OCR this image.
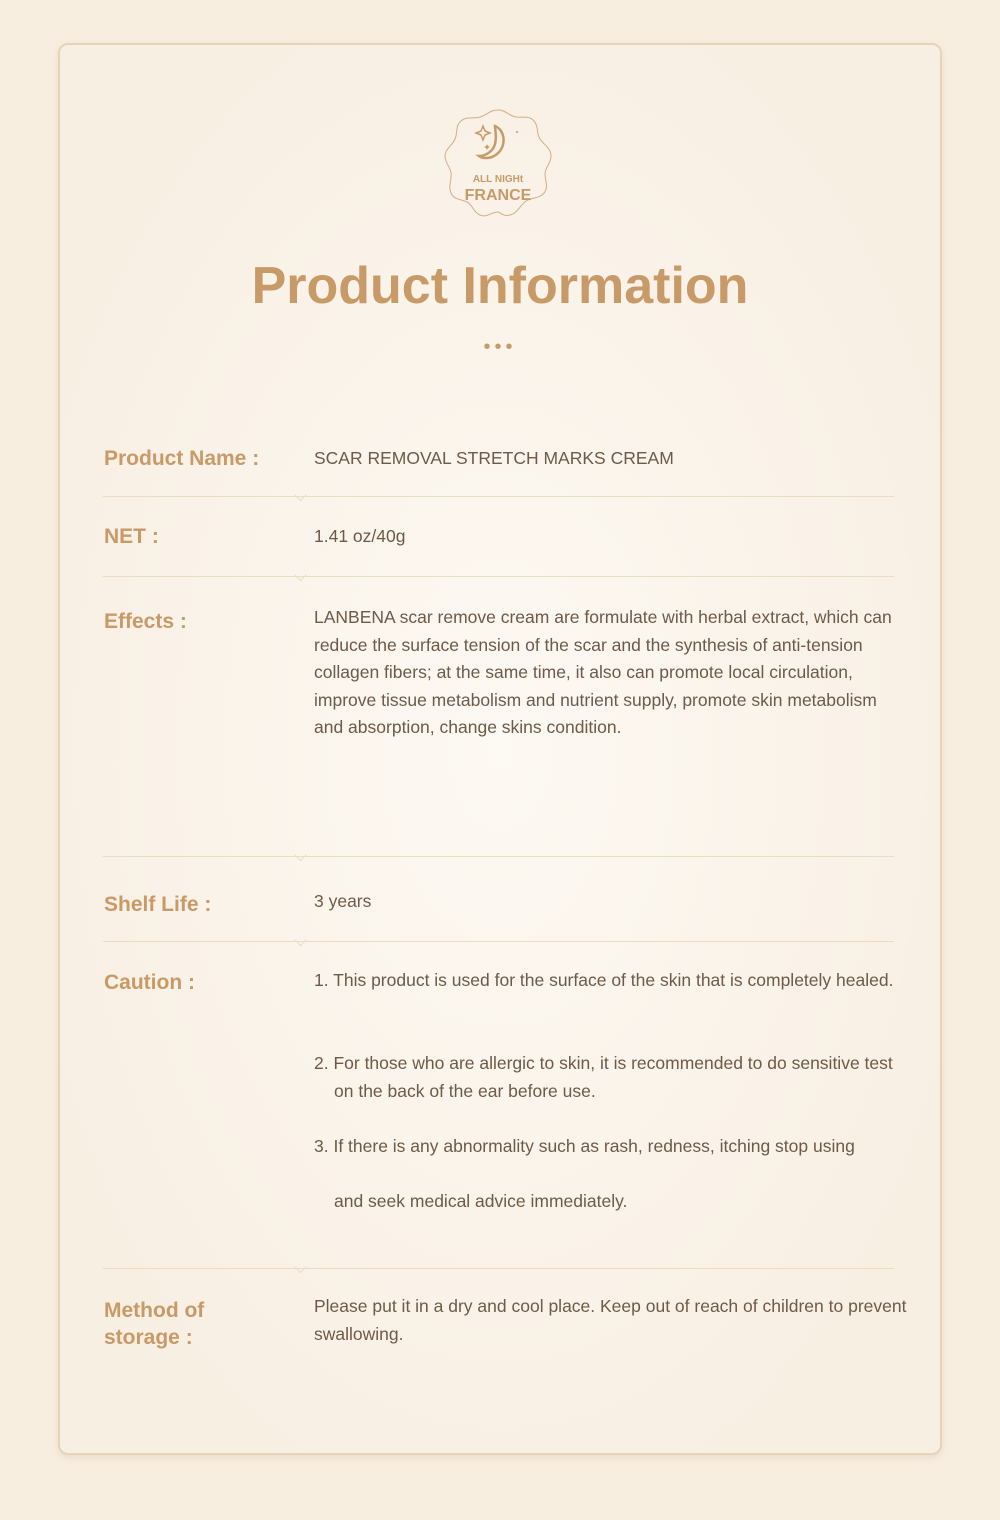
ALL NIGHt
FRANCE
Product Information
•••
Product Name :	SCAR REMOVAL STRETCH MARKS CREAM
NET :	1.41 oz/40g
Effects :	LANBENA scar remove cream are formulate with herbal extract, which can reduce the surface tension of the scar and the synthesis of anti-tension collagen fibers; at the same time, it also can promote local circulation, improve tissue metabolism and nutrient supply, promote skin metabolism and absorption, change skins condition.
Shelf Life :	3 years
Caution :	1. This product is used for the surface of the skin that is completely healed.
2. For those who are allergic to skin, it is recommended to do sensitive test on the back of the ear before use.
3. If there is any abnormality such as rash, redness, itching stop using
and seek medical advice immediately.
Method of storage :
Please put it in a dry and cool place. Keep out of reach of children to prevent swallowing.
